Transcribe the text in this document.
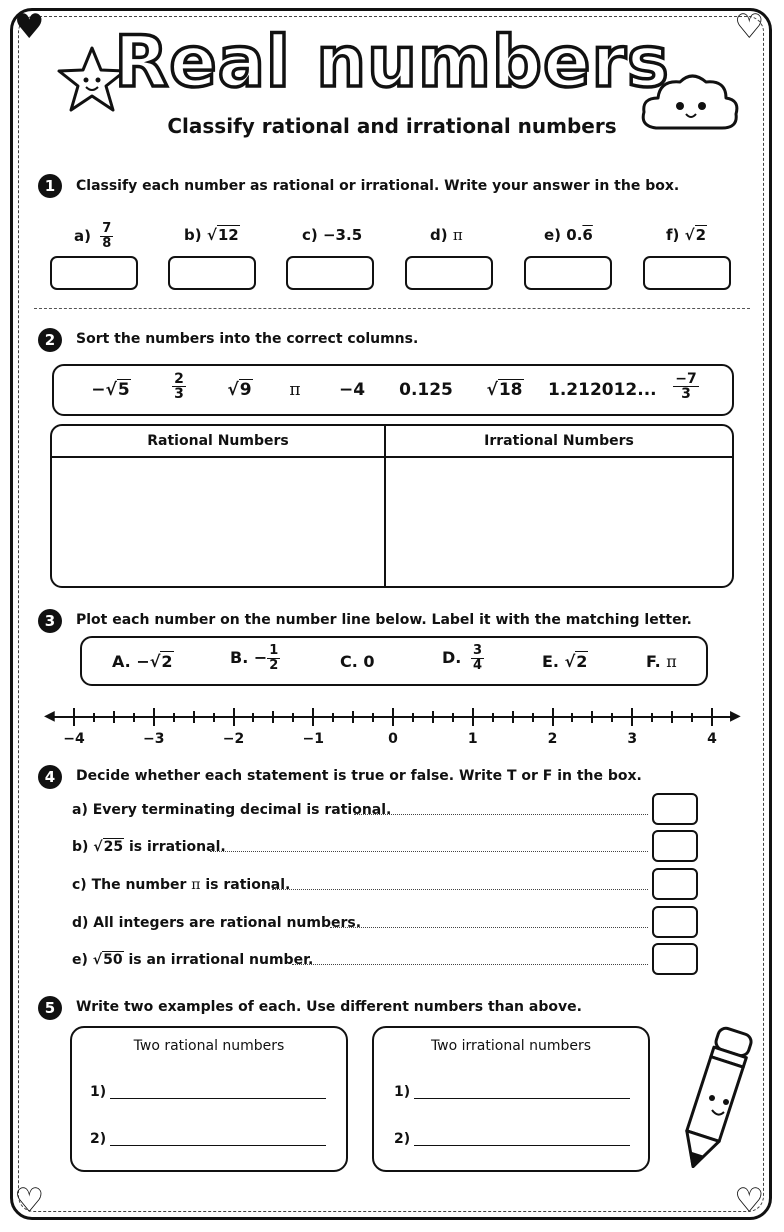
♥	♡
♡	♡
Real numbers
Classify rational and irrational numbers
1	Classify each number as rational or irrational. Write your answer in the box.
$a) \frac{7}{8}$	b) √12	c) −3.5	d) π	e) 0.6	f) √2
2	Sort the numbers into the correct columns.
−√5	$\frac{2}{3}$	√9	π	−4	0.125	√18	1.212012... $\frac{-7}{3}$
Rational Numbers	Irrational Numbers
3	Plot each number on the number line below. Label it with the matching letter.
A. −√2	B. − $\frac{1}{2}$	C. 0	D. $\frac{3}{4}$	E. √2	F. π
◀	▶
−4	−3	−2	−1	0	1	2	3	4
4	Decide whether each statement is true or false. Write T or F in the box.
a) Every terminating decimal is rational.
b) √25 is irrational.
c) The number π is rational.
d) All integers are rational numbers.
e) √50 is an irrational number.
5	Write two examples of each. Use different numbers than above.
Two rational numbers
1)
2)
Two irrational numbers
1)
2)
